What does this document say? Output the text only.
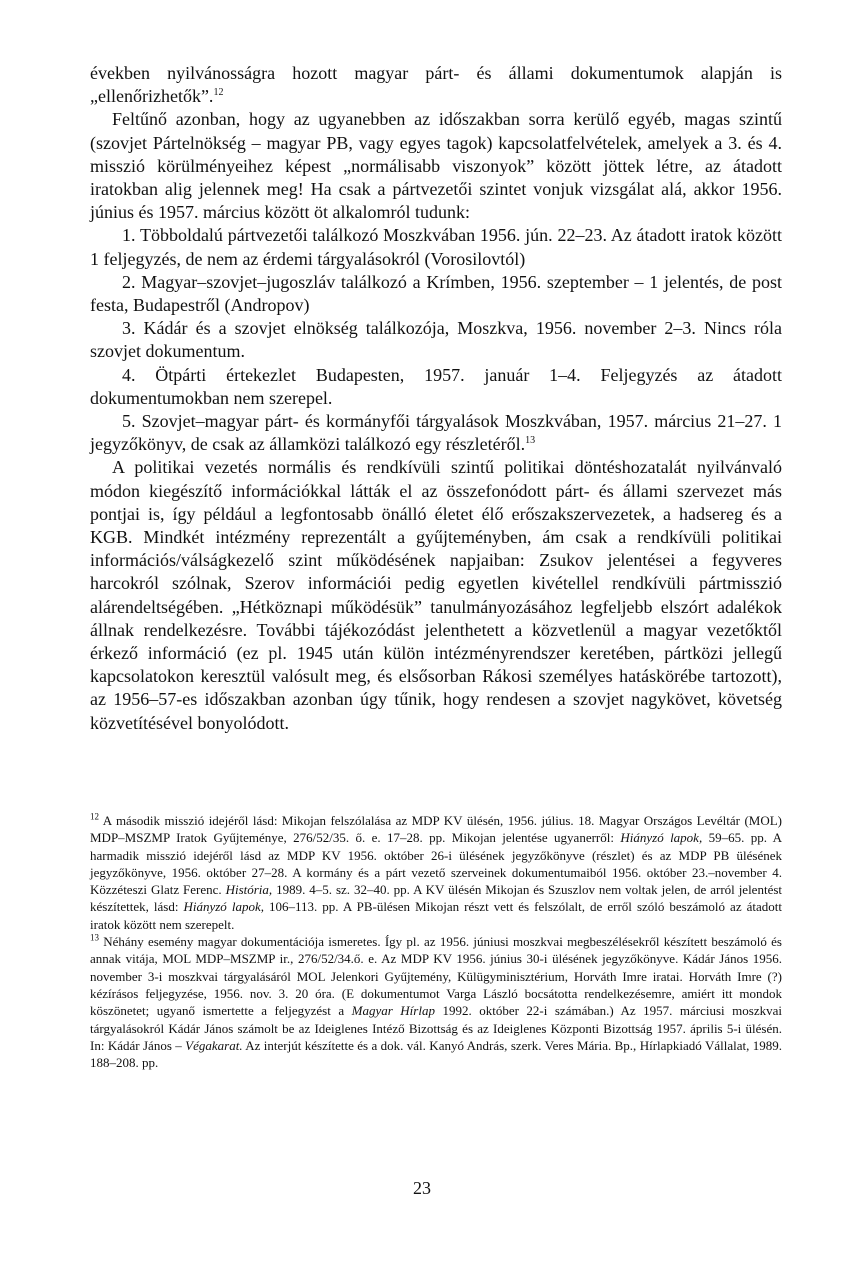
években nyilvánosságra hozott magyar párt- és állami dokumentumok alapján is „ellenőrizhetők”.$^{12}$

Feltűnő azonban, hogy az ugyanebben az időszakban sorra kerülő egyéb, magas szintű (szovjet Pártelnökség – magyar PB, vagy egyes tagok) kapcsolatfelvételek, amelyek a 3. és 4. misszió körülményeihez képest „normálisabb viszonyok” között jöttek létre, az átadott iratokban alig jelennek meg! Ha csak a pártvezetői szintet vonjuk vizsgálat alá, akkor 1956. június és 1957. március között öt alkalomról tudunk:

1. Többoldalú pártvezetői találkozó Moszkvában 1956. jún. 22–23. Az átadott iratok között 1 feljegyzés, de nem az érdemi tárgyalásokról (Vorosilovtól)

2. Magyar–szovjet–jugoszláv találkozó a Krímben, 1956. szeptember – 1 jelentés, de post festa, Budapestről (Andropov)

3. Kádár és a szovjet elnökség találkozója, Moszkva, 1956. november 2–3. Nincs róla szovjet dokumentum.

4. Ötpárti értekezlet Budapesten, 1957. január 1–4. Feljegyzés az átadott dokumentumokban nem szerepel.

5. Szovjet–magyar párt- és kormányfői tárgyalások Moszkvában, 1957. március 21–27. 1 jegyzőkönyv, de csak az államközi találkozó egy részletéről.$^{13}$

A politikai vezetés normális és rendkívüli szintű politikai döntéshozatalát nyilvánvaló módon kiegészítő információkkal látták el az összefonódott párt- és állami szervezet más pontjai is, így például a legfontosabb önálló életet élő erőszakszervezetek, a hadsereg és a KGB. Mindkét intézmény reprezentált a gyűjteményben, ám csak a rendkívüli politikai információs/válságkezelő szint működésének napjaiban: Zsukov jelentései a fegyveres harcokról szólnak, Szerov információi pedig egyetlen kivétellel rendkívüli pártmisszió alárendeltségében. „Hétköznapi működésük” tanulmányozásához legfeljebb elszórt adalékok állnak rendelkezésre. További tájékozódást jelenthetett a közvetlenül a magyar vezetőktől érkező információ (ez pl. 1945 után külön intézményrendszer keretében, pártközi jellegű kapcsolatokon keresztül valósult meg, és elsősorban Rákosi személyes hatáskörébe tartozott), az 1956–57-es időszakban azonban úgy tűnik, hogy rendesen a szovjet nagykövet, követség közvetítésével bonyolódott.

$^{12}$ A második misszió idejéről lásd: Mikojan felszólalása az MDP KV ülésén, 1956. július. 18. Magyar Országos Levéltár (MOL) MDP–MSZMP Iratok Gyűjteménye, 276/52/35. ő. e. 17–28. pp. Mikojan jelentése ugyanerről: Hiányzó lapok, 59–65. pp. A harmadik misszió idejéről lásd az MDP KV 1956. október 26-i ülésének jegyzőkönyve (részlet) és az MDP PB ülésének jegyzőkönyve, 1956. október 27–28. A kormány és a párt vezető szerveinek dokumentumaiból 1956. október 23.–november 4. Közzéteszi Glatz Ferenc. História, 1989. 4–5. sz. 32–40. pp. A KV ülésén Mikojan és Szuszlov nem voltak jelen, de arról jelentést készítettek, lásd: Hiányzó lapok, 106–113. pp. A PB-ülésen Mikojan részt vett és felszólalt, de erről szóló beszámoló az átadott iratok között nem szerepelt.

$^{13}$ Néhány esemény magyar dokumentációja ismeretes. Így pl. az 1956. júniusi moszkvai megbeszélésekről készített beszámoló és annak vitája, MOL MDP–MSZMP ir., 276/52/34.ő. e. Az MDP KV 1956. június 30-i ülésének jegyzőkönyve. Kádár János 1956. november 3-i moszkvai tárgyalásáról MOL Jelenkori Gyűjtemény, Külügyminisztérium, Horváth Imre iratai. Horváth Imre (?) kézírásos feljegyzése, 1956. nov. 3. 20 óra. (E dokumentumot Varga László bocsátotta rendelkezésemre, amiért itt mondok köszönetet; ugyanő ismertette a feljegyzést a Magyar Hírlap 1992. október 22-i számában.) Az 1957. márciusi moszkvai tárgyalásokról Kádár János számolt be az Ideiglenes Intéző Bizottság és az Ideiglenes Központi Bizottság 1957. április 5-i ülésén. In: Kádár János – Végakarat. Az interjút készítette és a dok. vál. Kanyó András, szerk. Veres Mária. Bp., Hírlapkiadó Vállalat, 1989. 188–208. pp.

23
